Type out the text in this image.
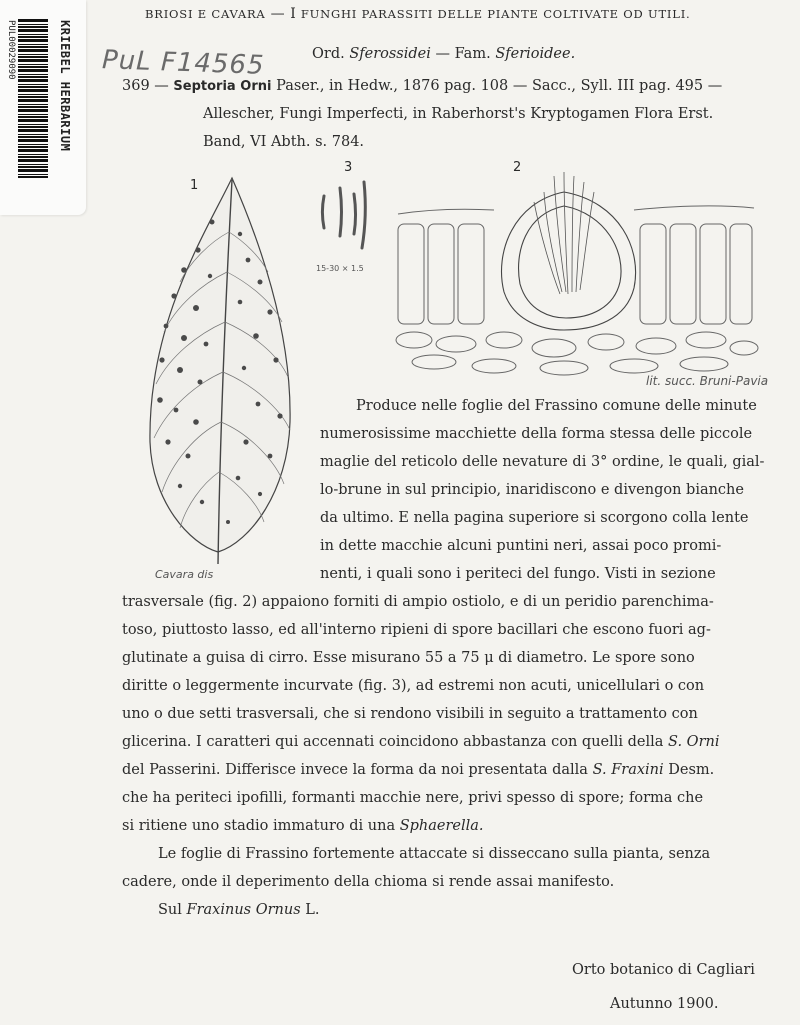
KRIEBEL HERBARIUM
PUL00029090	PuL F14565
BRIOSI E CAVARA — I FUNGHI PARASSITI DELLE PIANTE COLTIVATE OD UTILI.
Ord. Sferossidei — Fam. Sferioidee.
369 — Septoria Orni Paser., in Hedw., 1876 pag. 108 — Sacc., Syll. III pag. 495 —
Allescher, Fungi Imperfecti, in Raberhorst's Kryptogamen Flora Erst.
Band, VI Abth. s. 784.
1
Cavara dis
3
15-30 × 1.5
2
lit. succ. Bruni-Pavia
Produce nelle foglie del Frassino comune delle minute
numerosissime macchiette della forma stessa delle piccole
maglie del reticolo delle nevature di 3° ordine, le quali, gial-
lo-brune in sul principio, inaridiscono e divengon bianche
da ultimo. E nella pagina superiore si scorgono colla lente
in dette macchie alcuni puntini neri, assai poco promi-
nenti, i quali sono i periteci del fungo. Visti in sezione
trasversale (fig. 2) appaiono forniti di ampio ostiolo, e di un peridio parenchima-
toso, piuttosto lasso, ed all'interno ripieni di spore bacillari che escono fuori ag-
glutinate a guisa di cirro. Esse misurano 55 a 75 μ di diametro. Le spore sono
diritte o leggermente incurvate (fig. 3), ad estremi non acuti, unicellulari o con
uno o due setti trasversali, che si rendono visibili in seguito a trattamento con
glicerina. I caratteri qui accennati coincidono abbastanza con quelli della S. Orni
del Passerini. Differisce invece la forma da noi presentata dalla S. Fraxini Desm.
che ha periteci ipofilli, formanti macchie nere, privi spesso di spore; forma che
si ritiene uno stadio immaturo di una Sphaerella.
Le foglie di Frassino fortemente attaccate si disseccano sulla pianta, senza
cadere, onde il deperimento della chioma si rende assai manifesto.
Sul Fraxinus Ornus L.
Orto botanico di Cagliari
Autunno 1900.
